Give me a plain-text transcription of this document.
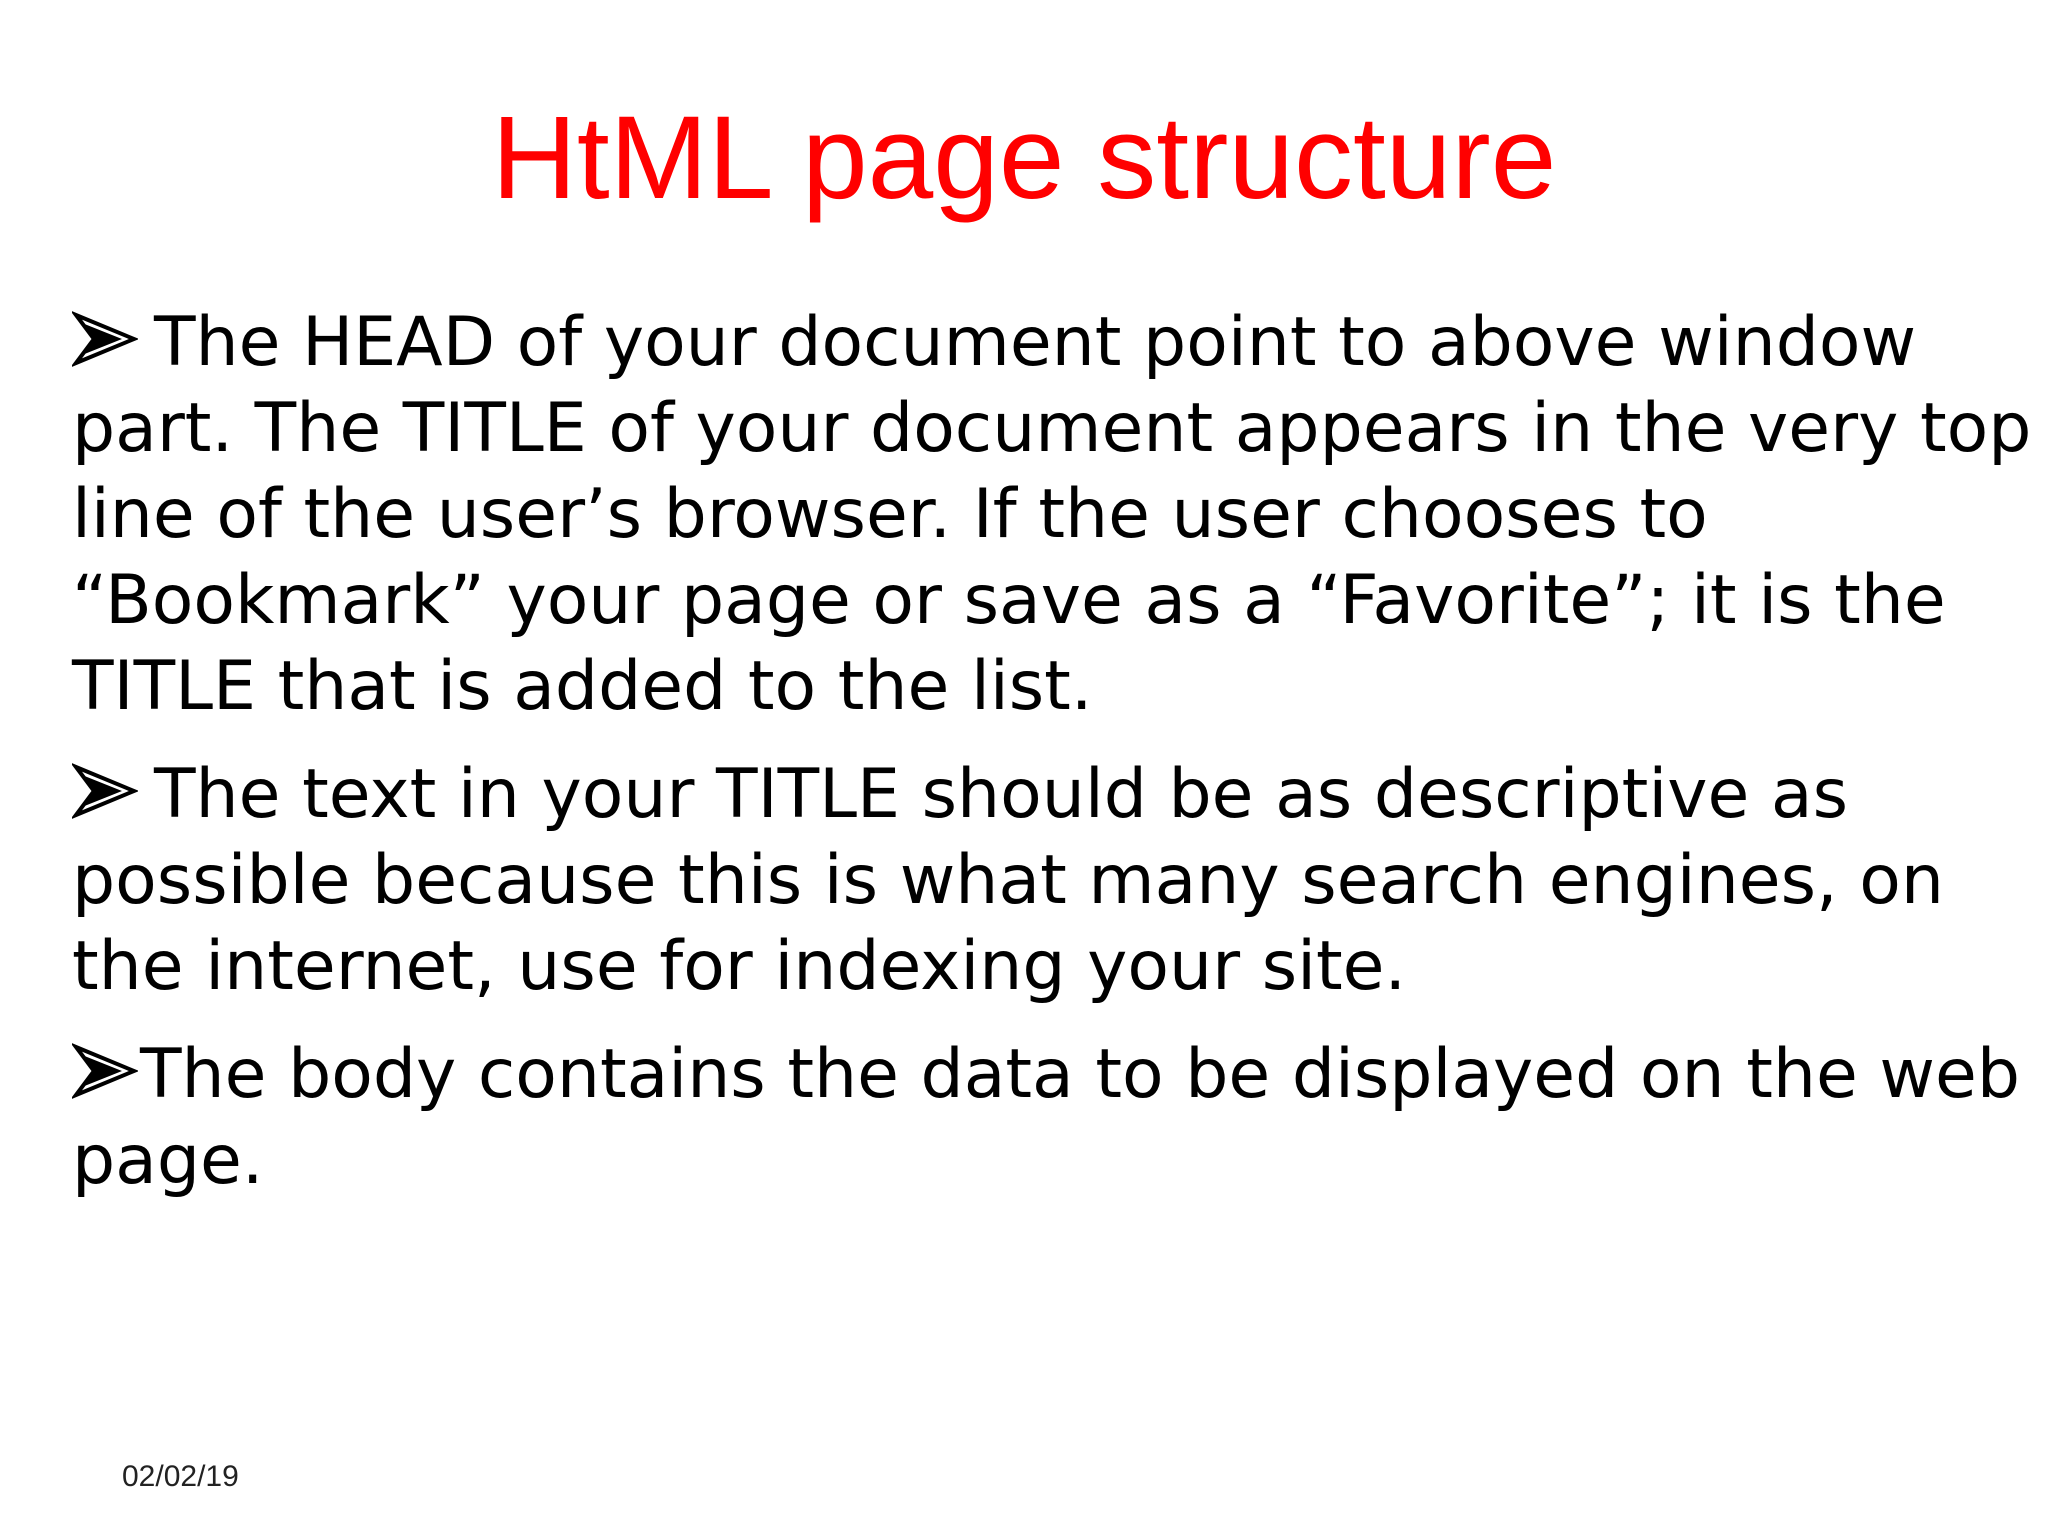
HtML page structure

The HEAD of your document point to above window part. The TITLE of your document appears in the very top line of the user’s browser. If the user chooses to “Bookmark” your page or save as a “Favorite”; it is the TITLE that is added to the list.

The text in your TITLE should be as descriptive as possible because this is what many search engines, on the internet, use for indexing your site.

The body contains the data to be displayed on the web page.

02/02/19
